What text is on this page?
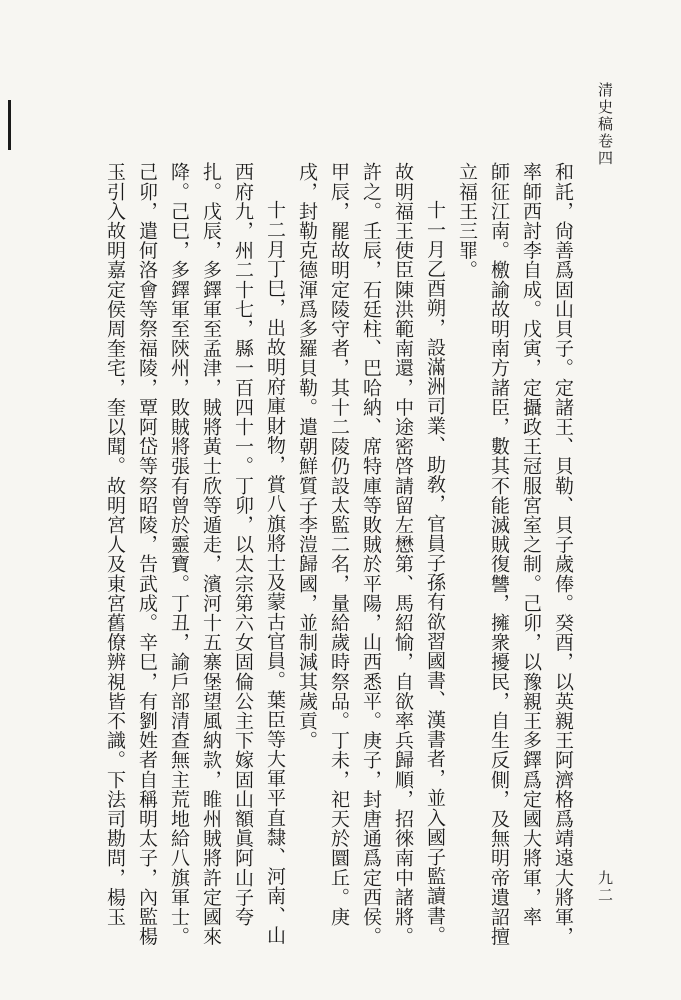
清史稿卷四
九二
和託，尙善爲固山貝子。定諸王、貝勒、貝子歲俸。癸酉，以英親王阿濟格爲靖遠大將軍，
率師西討李自成。戊寅，定攝政王冠服宮室之制。己卯，以豫親王多鐸爲定國大將軍，率
師征江南。檄諭故明南方諸臣，數其不能滅賊復讐，擁衆擾民，自生反側，及無明帝遺詔擅
立福王三罪。
十一月乙酉朔，設滿洲司業、助敎，官員子孫有欲習國書、漢書者，並入國子監讀書。
故明福王使臣陳洪範南還，中途密啓請留左懋第、馬紹愉，自欲率兵歸順，招徠南中諸將。
許之。壬辰，石廷柱、巴哈納、席特庫等敗賊於平陽，山西悉平。庚子，封唐通爲定西侯。
甲辰，罷故明定陵守者，其十二陵仍設太監二名，量給歲時祭品。丁未，祀天於圜丘。庚
戌，封勒克德渾爲多羅貝勒。遣朝鮮質子李溰歸國，並制減其歲貢。
十二月丁巳，出故明府庫財物，賞八旗將士及蒙古官員。葉臣等大軍平直隸、河南、山
西府九，州二十七，縣一百四十一。丁卯，以太宗第六女固倫公主下嫁固山額眞阿山子夸
扎。戊辰，多鐸軍至孟津，賊將黃士欣等遁走，濱河十五寨堡望風納款，睢州賊將許定國來
降。己巳，多鐸軍至陝州，敗賊將張有曾於靈寶。丁丑，諭戶部清查無主荒地給八旗軍士。
己卯，遣何洛會等祭福陵，覃阿岱等祭昭陵，告武成。辛巳，有劉姓者自稱明太子，內監楊
玉引入故明嘉定侯周奎宅，奎以聞。故明宮人及東宮舊僚辨視皆不識。下法司勘問，楊玉
